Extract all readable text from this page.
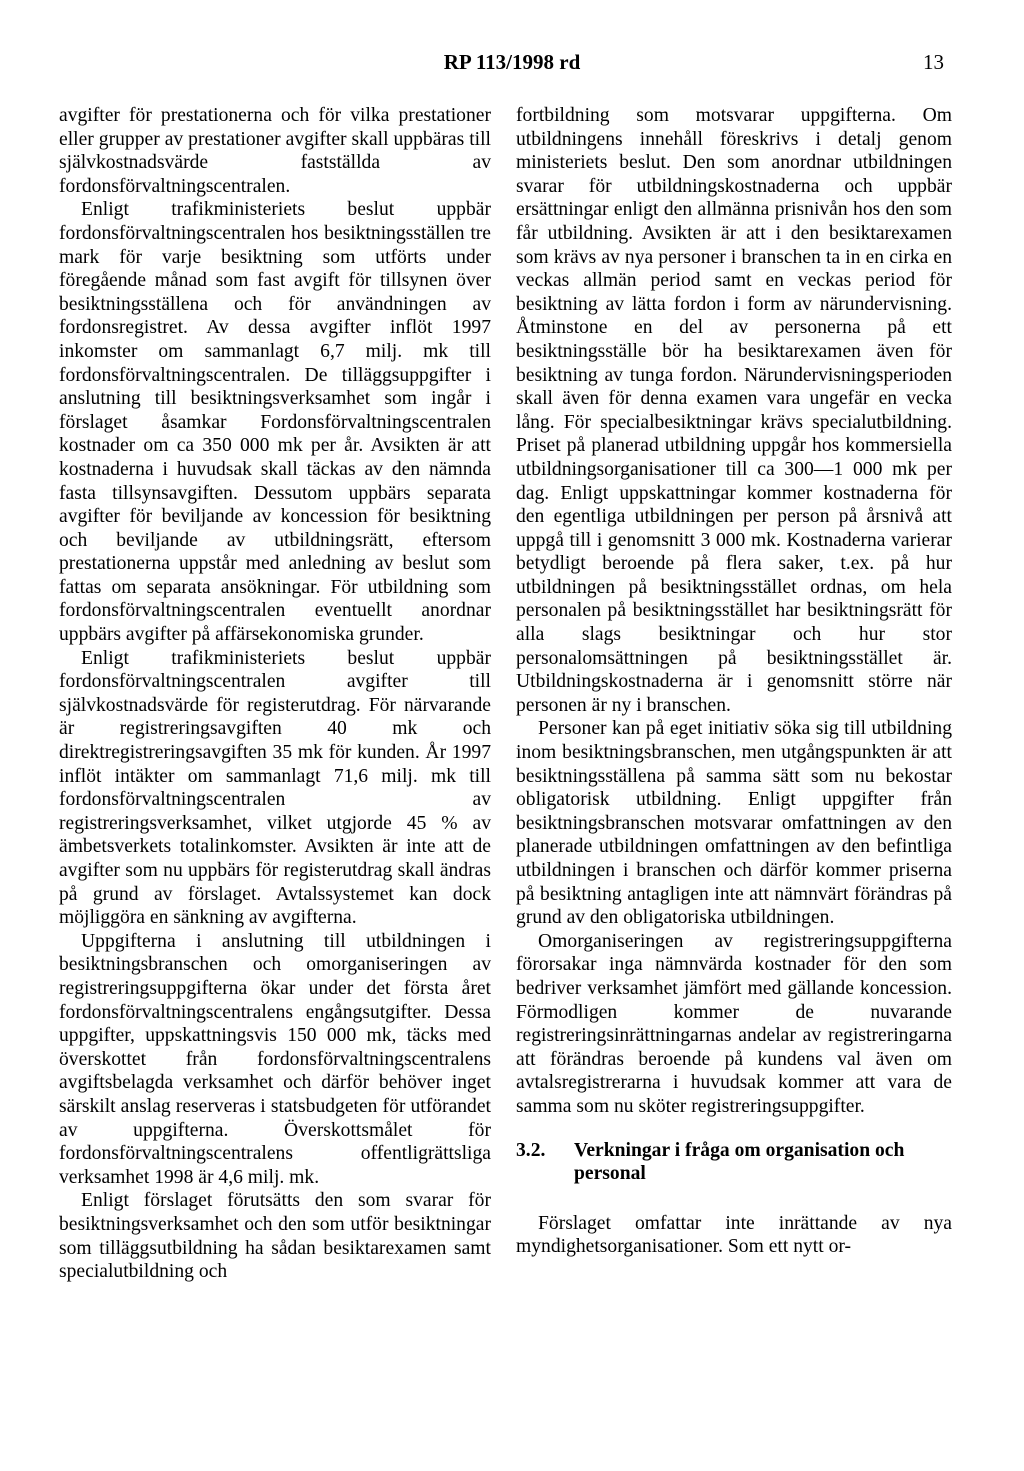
RP 113/1998 rd	13

avgifter för prestationerna och för vilka prestationer eller grupper av prestationer avgifter skall uppbäras till självkostnadsvärde fastställda av fordonsförvaltningscentralen.

Enligt trafikministeriets beslut uppbär fordonsförvaltningscentralen hos besiktningsställen tre mark för varje besiktning som utförts under föregående månad som fast avgift för tillsynen över besiktningsställena och för användningen av fordonsregistret. Av dessa avgifter inflöt 1997 inkomster om sammanlagt 6,7 milj. mk till fordonsförvaltningscentralen. De tilläggsuppgifter i anslutning till besiktningsverksamhet som ingår i förslaget åsamkar Fordonsförvaltningscentralen kostnader om ca 350 000 mk per år. Avsikten är att kostnaderna i huvudsak skall täckas av den nämnda fasta tillsynsavgiften. Dessutom uppbärs separata avgifter för beviljande av koncession för besiktning och beviljande av utbildningsrätt, eftersom prestationerna uppstår med anledning av beslut som fattas om separata ansökningar. För utbildning som fordonsförvaltningscentralen eventuellt anordnar uppbärs avgifter på affärsekonomiska grunder.

Enligt trafikministeriets beslut uppbär fordonsförvaltningscentralen avgifter till självkostnadsvärde för registerutdrag. För närvarande är registreringsavgiften 40 mk och direktregistreringsavgiften 35 mk för kunden. År 1997 inflöt intäkter om sammanlagt 71,6 milj. mk till fordonsförvaltningscentralen av registreringsverksamhet, vilket utgjorde 45 % av ämbetsverkets totalinkomster. Avsikten är inte att de avgifter som nu uppbärs för registerutdrag skall ändras på grund av förslaget. Avtalssystemet kan dock möjliggöra en sänkning av avgifterna.

Uppgifterna i anslutning till utbildningen i besiktningsbranschen och omorganiseringen av registreringsuppgifterna ökar under det första året fordonsförvaltningscentralens engångsutgifter. Dessa uppgifter, uppskattningsvis 150 000 mk, täcks med överskottet från fordonsförvaltningscentralens avgiftsbelagda verksamhet och därför behöver inget särskilt anslag reserveras i statsbudgeten för utförandet av uppgifterna. Överskottsmålet för fordonsförvaltningscentralens offentligrättsliga verksamhet 1998 är 4,6 milj. mk.

Enligt förslaget förutsätts den som svarar för besiktningsverksamhet och den som utför besiktningar som tilläggsutbildning ha sådan besiktarexamen samt specialutbildning och

fortbildning som motsvarar uppgifterna. Om utbildningens innehåll föreskrivs i detalj genom ministeriets beslut. Den som anordnar utbildningen svarar för utbildningskostnaderna och uppbär ersättningar enligt den allmänna prisnivån hos den som får utbildning. Avsikten är att i den besiktarexamen som krävs av nya personer i branschen ta in en cirka en veckas allmän period samt en veckas period för besiktning av lätta fordon i form av närundervisning. Åtminstone en del av personerna på ett besiktningsställe bör ha besiktarexamen även för besiktning av tunga fordon. Närundervisningsperioden skall även för denna examen vara ungefär en vecka lång. För specialbesiktningar krävs specialutbildning. Priset på planerad utbildning uppgår hos kommersiella utbildningsorganisationer till ca 300—1 000 mk per dag. Enligt uppskattningar kommer kostnaderna för den egentliga utbildningen per person på årsnivå att uppgå till i genomsnitt 3 000 mk. Kostnaderna varierar betydligt beroende på flera saker, t.ex. på hur utbildningen på besiktningsstället ordnas, om hela personalen på besiktningsstället har besiktningsrätt för alla slags besiktningar och hur stor personalomsättningen på besiktningsstället är. Utbildningskostnaderna är i genomsnitt större när personen är ny i branschen.

Personer kan på eget initiativ söka sig till utbildning inom besiktningsbranschen, men utgångspunkten är att besiktningsställena på samma sätt som nu bekostar obligatorisk utbildning. Enligt uppgifter från besiktningsbranschen motsvarar omfattningen av den planerade utbildningen omfattningen av den befintliga utbildningen i branschen och därför kommer priserna på besiktning antagligen inte att nämnvärt förändras på grund av den obligatoriska utbildningen.

Omorganiseringen av registreringsuppgifterna förorsakar inga nämnvärda kostnader för den som bedriver verksamhet jämfört med gällande koncession. Förmodligen kommer de nuvarande registreringsinrättningarnas andelar av registreringarna att förändras beroende på kundens val även om avtalsregistrerarna i huvudsak kommer att vara de samma som nu sköter registreringsuppgifter.

3.2.	Verkningar i fråga om organisation och personal

Förslaget omfattar inte inrättande av nya myndighetsorganisationer. Som ett nytt or-
